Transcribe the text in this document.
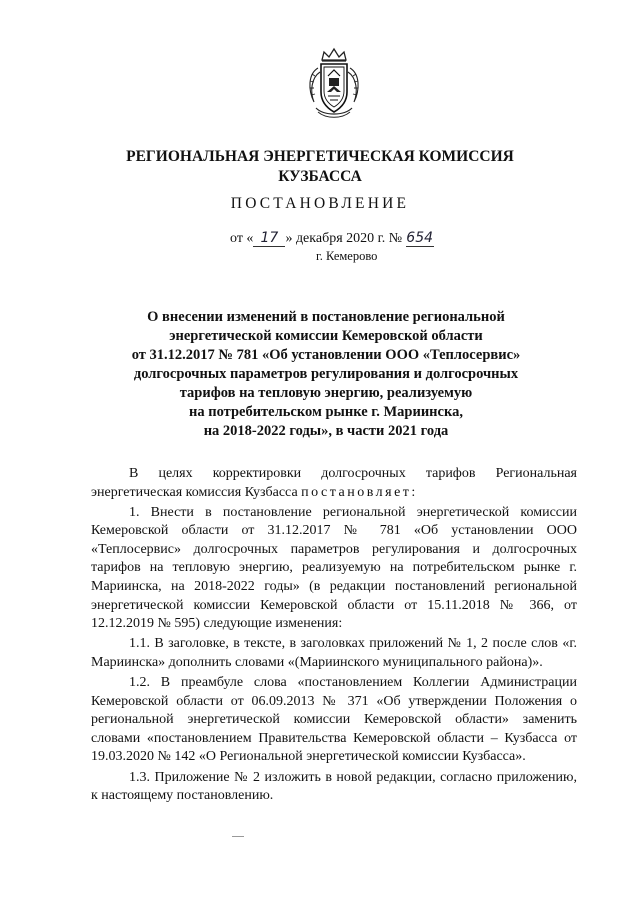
РЕГИОНАЛЬНАЯ ЭНЕРГЕТИЧЕСКАЯ КОМИССИЯ
КУЗБАССА
ПОСТАНОВЛЕНИЕ
от « 17 » декабря 2020 г. № 654
г. Кемерово
О внесении изменений в постановление региональной
энергетической комиссии Кемеровской области
от 31.12.2017 № 781 «Об установлении ООО «Теплосервис»
долгосрочных параметров регулирования и долгосрочных
тарифов на тепловую энергию, реализуемую
на потребительском рынке г. Мариинска,
на 2018-2022 годы», в части 2021 года

В целях корректировки долгосрочных тарифов Региональная энергетическая комиссия Кузбасса постановляет:

1. Внести в постановление региональной энергетической комиссии Кемеровской области от 31.12.2017 № 781 «Об установлении ООО «Теплосервис» долгосрочных параметров регулирования и долгосрочных тарифов на тепловую энергию, реализуемую на потребительском рынке г. Мариинска, на 2018-2022 годы» (в редакции постановлений региональной энергетической комиссии Кемеровской области от 15.11.2018 № 366, от 12.12.2019 № 595) следующие изменения:

1.1. В заголовке, в тексте, в заголовках приложений № 1, 2 после слов «г. Мариинска» дополнить словами «(Мариинского муниципального района)».

1.2. В преамбуле слова «постановлением Коллегии Администрации Кемеровской области от 06.09.2013 № 371 «Об утверждении Положения о региональной энергетической комиссии Кемеровской области» заменить словами «постановлением Правительства Кемеровской области – Кузбасса от 19.03.2020 № 142 «О Региональной энергетической комиссии Кузбасса».

1.3. Приложение № 2 изложить в новой редакции, согласно приложению, к настоящему постановлению.
